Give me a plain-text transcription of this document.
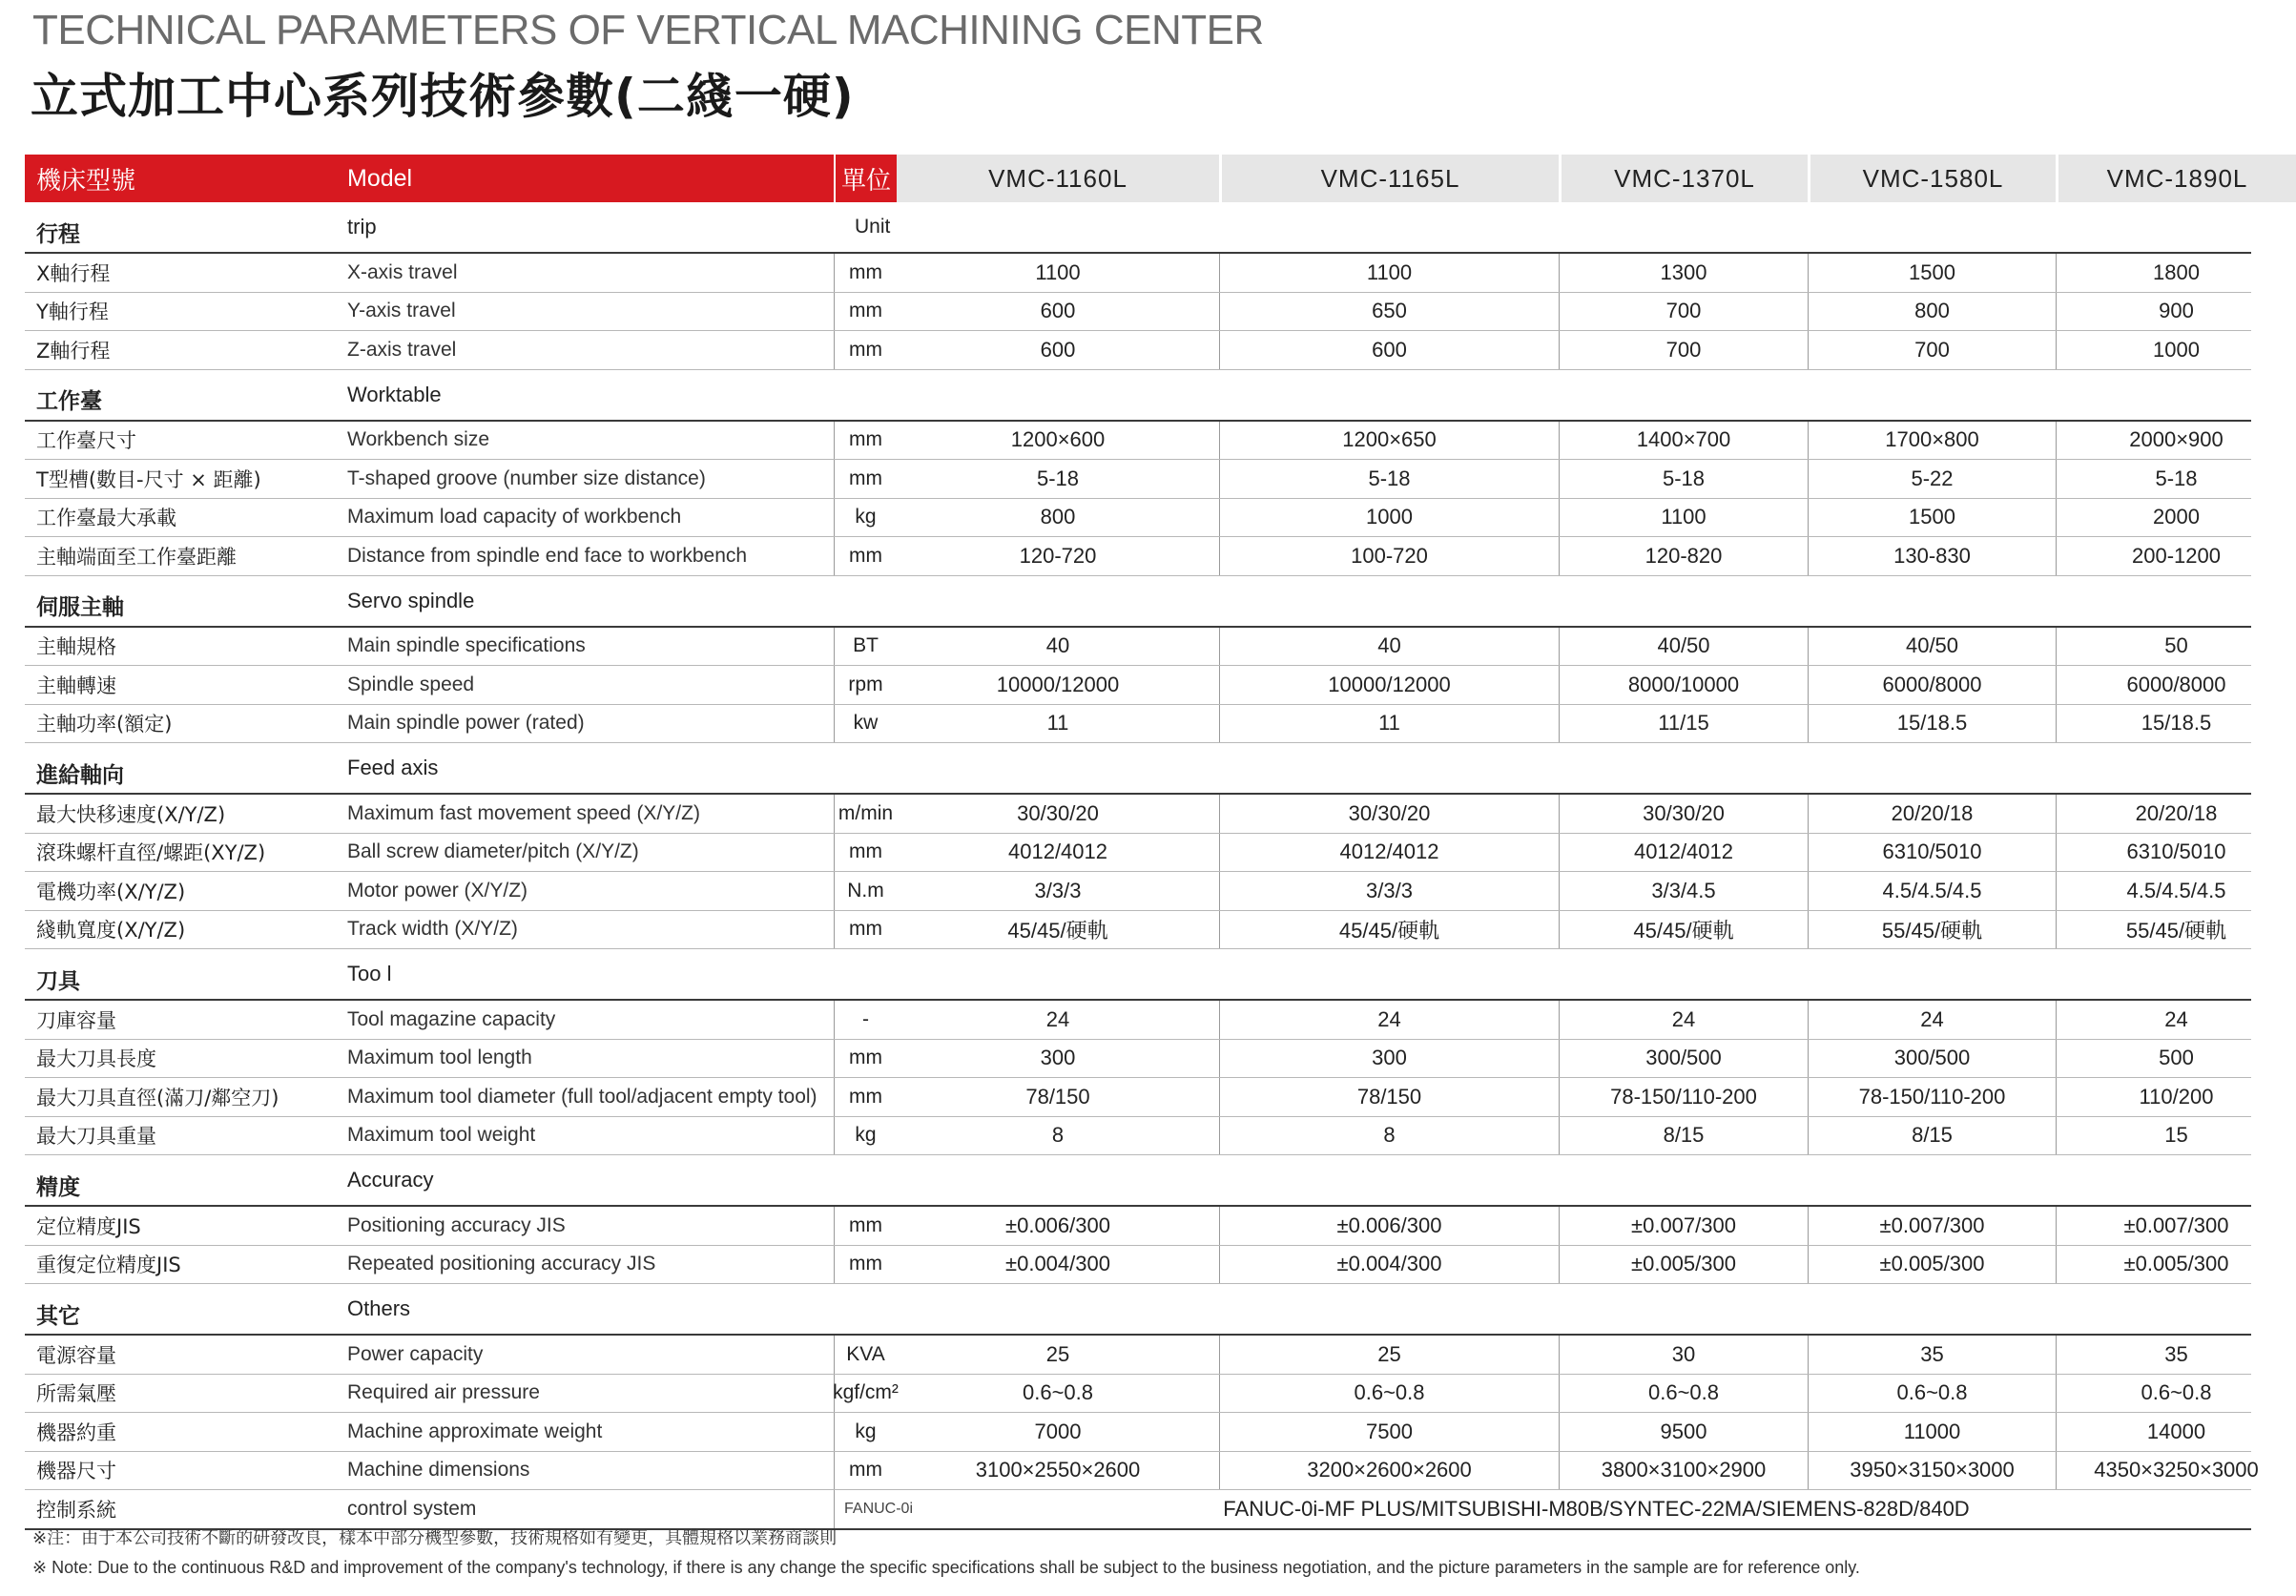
TECHNICAL PARAMETERS OF VERTICAL MACHINING CENTER
立式加工中心系列技術參數(二綫一硬)
機床型號	Model	單位	VMC-1160L	VMC-1165L	VMC-1370L	VMC-1580L	VMC-1890L
行程	trip	Unit
X軸行程	X-axis travel	mm	1100	1100	1300	1500	1800
Y軸行程	Y-axis travel	mm	600	650	700	800	900
Z軸行程	Z-axis travel	mm	600	600	700	700	1000
工作臺	Worktable
工作臺尺寸	Workbench size	mm	1200×600	1200×650	1400×700	1700×800	2000×900
T型槽(數目-尺寸 × 距離)	T-shaped groove (number size distance)	mm	5-18	5-18	5-18	5-22	5-18
工作臺最大承載	Maximum load capacity of workbench	kg	800	1000	1100	1500	2000
主軸端面至工作臺距離	Distance from spindle end face to workbench	mm	120-720	100-720	120-820	130-830	200-1200
伺服主軸	Servo spindle
主軸規格	Main spindle specifications	BT	40	40	40/50	40/50	50
主軸轉速	Spindle speed	rpm	10000/12000	10000/12000	8000/10000	6000/8000	6000/8000
主軸功率(額定)	Main spindle power (rated)	kw	11	11	11/15	15/18.5	15/18.5
進給軸向	Feed axis
最大快移速度(X/Y/Z)	Maximum fast movement speed (X/Y/Z)	m/min	30/30/20	30/30/20	30/30/20	20/20/18	20/20/18
滾珠螺杆直徑/螺距(XY/Z)	Ball screw diameter/pitch (X/Y/Z)	mm	4012/4012	4012/4012	4012/4012	6310/5010	6310/5010
電機功率(X/Y/Z)	Motor power (X/Y/Z)	N.m	3/3/3	3/3/3	3/3/4.5	4.5/4.5/4.5	4.5/4.5/4.5
綫軌寬度(X/Y/Z)	Track width (X/Y/Z)	mm	45/45/硬軌	45/45/硬軌	45/45/硬軌	55/45/硬軌	55/45/硬軌
刀具	Too l
刀庫容量	Tool magazine capacity	-	24	24	24	24	24
最大刀具長度	Maximum tool length	mm	300	300	300/500	300/500	500
最大刀具直徑(滿刀/鄰空刀)	Maximum tool diameter (full tool/adjacent empty tool)	mm	78/150	78/150	78-150/110-200	78-150/110-200	110/200
最大刀具重量	Maximum tool weight	kg	8	8	8/15	8/15	15
精度	Accuracy
定位精度JIS	Positioning accuracy JIS	mm	±0.006/300	±0.006/300	±0.007/300	±0.007/300	±0.007/300
重復定位精度JIS	Repeated positioning accuracy JIS	mm	±0.004/300	±0.004/300	±0.005/300	±0.005/300	±0.005/300
其它	Others
電源容量	Power capacity	KVA	25	25	30	35	35
所需氣壓	Required air pressure	kgf/cm²	0.6~0.8	0.6~0.8	0.6~0.8	0.6~0.8	0.6~0.8
機器約重	Machine approximate weight	kg	7000	7500	9500	11000	14000
機器尺寸	Machine dimensions	mm	3100×2550×2600	3200×2600×2600	3800×3100×2900	3950×3150×3000	4350×3250×3000
控制系統	control system	FANUC-0i	FANUC-0i-MF PLUS/MITSUBISHI-M80B/SYNTEC-22MA/SIEMENS-828D/840D
※注：由于本公司技術不斷的研發改良，樣本中部分機型參數，技術規格如有變更，具體規格以業務商談則
※ Note: Due to the continuous R&D and improvement of the company's technology, if there is any change the specific specifications shall be subject to the business negotiation, and the picture parameters in the sample are for reference only.
